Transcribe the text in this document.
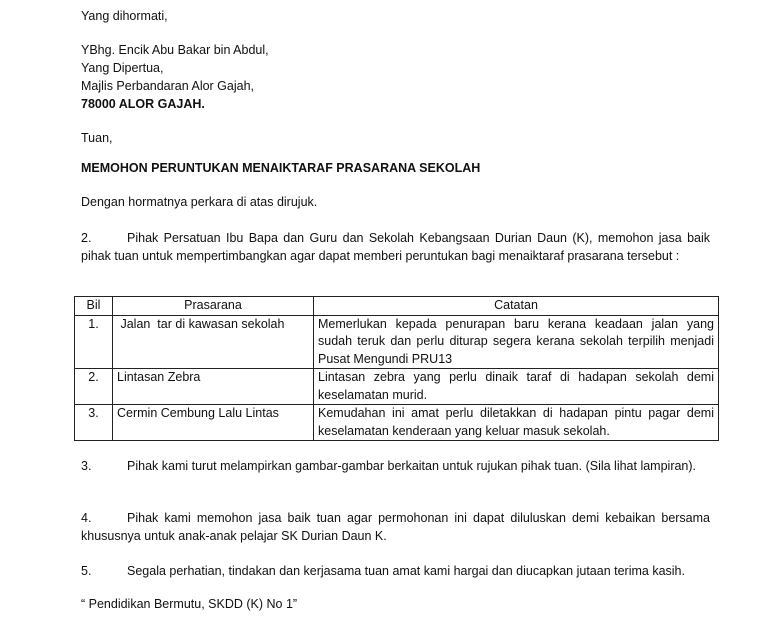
Yang dihormati,
YBhg. Encik Abu Bakar bin Abdul,
Yang Dipertua,
Majlis Perbandaran Alor Gajah,
78000 ALOR GAJAH.
Tuan,
MEMOHON PERUNTUKAN MENAIKTARAF PRASARANA SEKOLAH
Dengan hormatnya perkara di atas dirujuk.
2.	Pihak Persatuan Ibu Bapa dan Guru dan Sekolah Kebangsaan Durian Daun (K), memohon jasa baik pihak tuan untuk mempertimbangkan agar dapat memberi peruntukan bagi menaiktaraf prasarana tersebut :
Bil	Prasarana	Catatan
1.	Jalan  tar di kawasan sekolah	Memerlukan kepada penurapan baru kerana keadaan jalan yang sudah teruk dan perlu diturap segera kerana sekolah terpilih menjadi Pusat Mengundi PRU13
2.	Lintasan Zebra	Lintasan zebra yang perlu dinaik taraf di hadapan sekolah demi keselamatan murid.
3.	Cermin Cembung Lalu Lintas	Kemudahan ini amat perlu diletakkan di hadapan pintu pagar demi keselamatan kenderaan yang keluar masuk sekolah.
3.	Pihak kami turut melampirkan gambar-gambar berkaitan untuk rujukan pihak tuan. (Sila lihat lampiran).
4.	Pihak kami memohon jasa baik tuan agar permohonan ini dapat diluluskan demi kebaikan bersama khususnya untuk anak-anak pelajar SK Durian Daun K.
5.	Segala perhatian, tindakan dan kerjasama tuan amat kami hargai dan diucapkan jutaan terima kasih.
“ Pendidikan Bermutu, SKDD (K) No 1”
